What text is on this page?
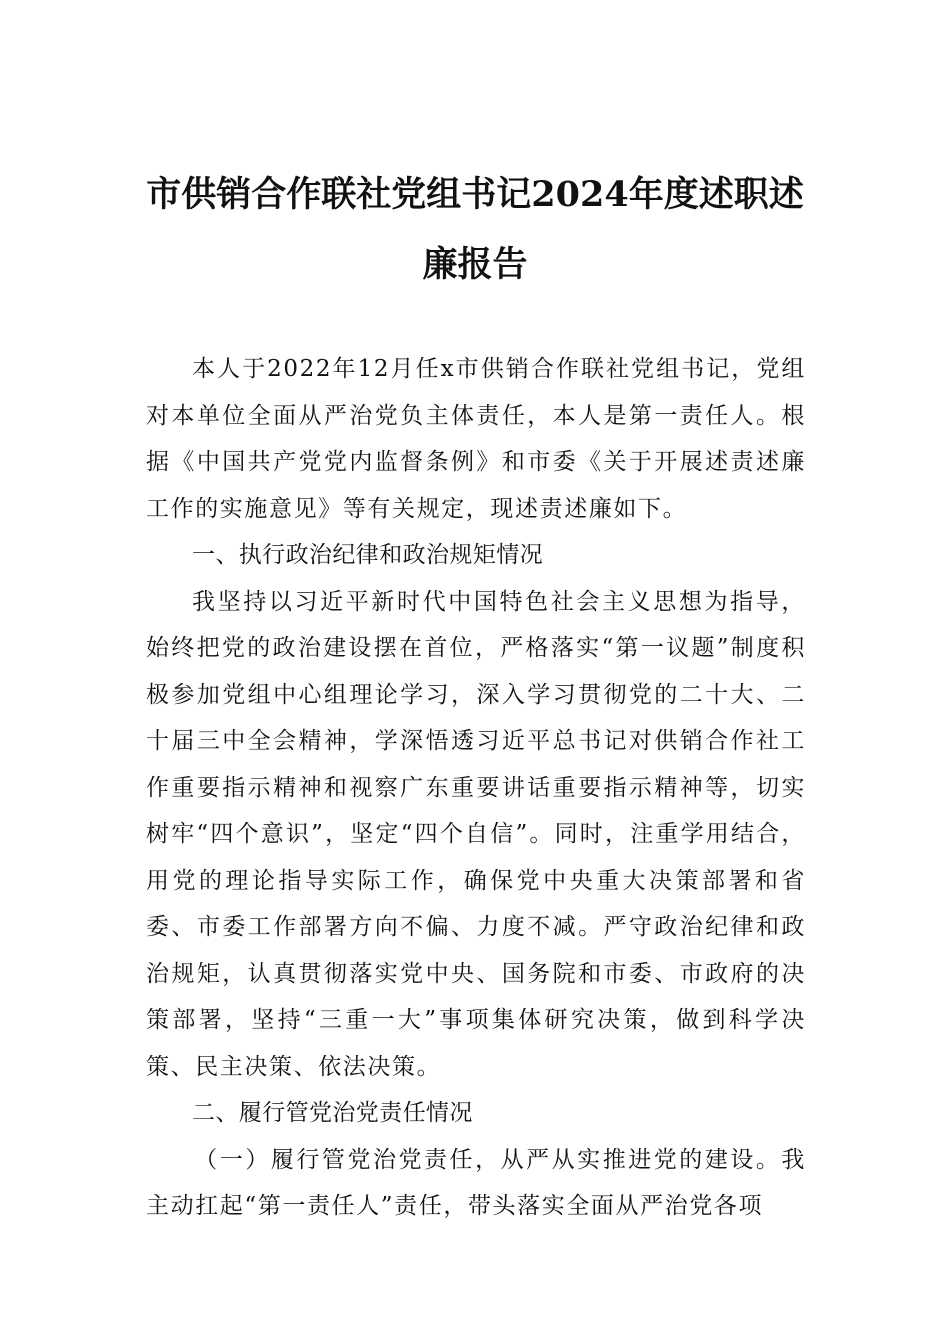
市供销合作联社党组书记2024年度述职述
廉报告

本人于2022年12月任x市供销合作联社党组书记，党组对本单位全面从严治党负主体责任，本人是第一责任人。根据《中国共产党党内监督条例》和市委《关于开展述责述廉工作的实施意见》等有关规定，现述责述廉如下。

一、执行政治纪律和政治规矩情况

我坚持以习近平新时代中国特色社会主义思想为指导，始终把党的政治建设摆在首位，严格落实“第一议题”制度积极参加党组中心组理论学习，深入学习贯彻党的二十大、二十届三中全会精神，学深悟透习近平总书记对供销合作社工作重要指示精神和视察广东重要讲话重要指示精神等，切实树牢“四个意识”，坚定“四个自信”。同时，注重学用结合，用党的理论指导实际工作，确保党中央重大决策部署和省委、市委工作部署方向不偏、力度不减。严守政治纪律和政治规矩，认真贯彻落实党中央、国务院和市委、市政府的决策部署，坚持“三重一大”事项集体研究决策，做到科学决策、民主决策、依法决策。

二、履行管党治党责任情况

（一）履行管党治党责任，从严从实推进党的建设。我主动扛起“第一责任人”责任，带头落实全面从严治党各项
